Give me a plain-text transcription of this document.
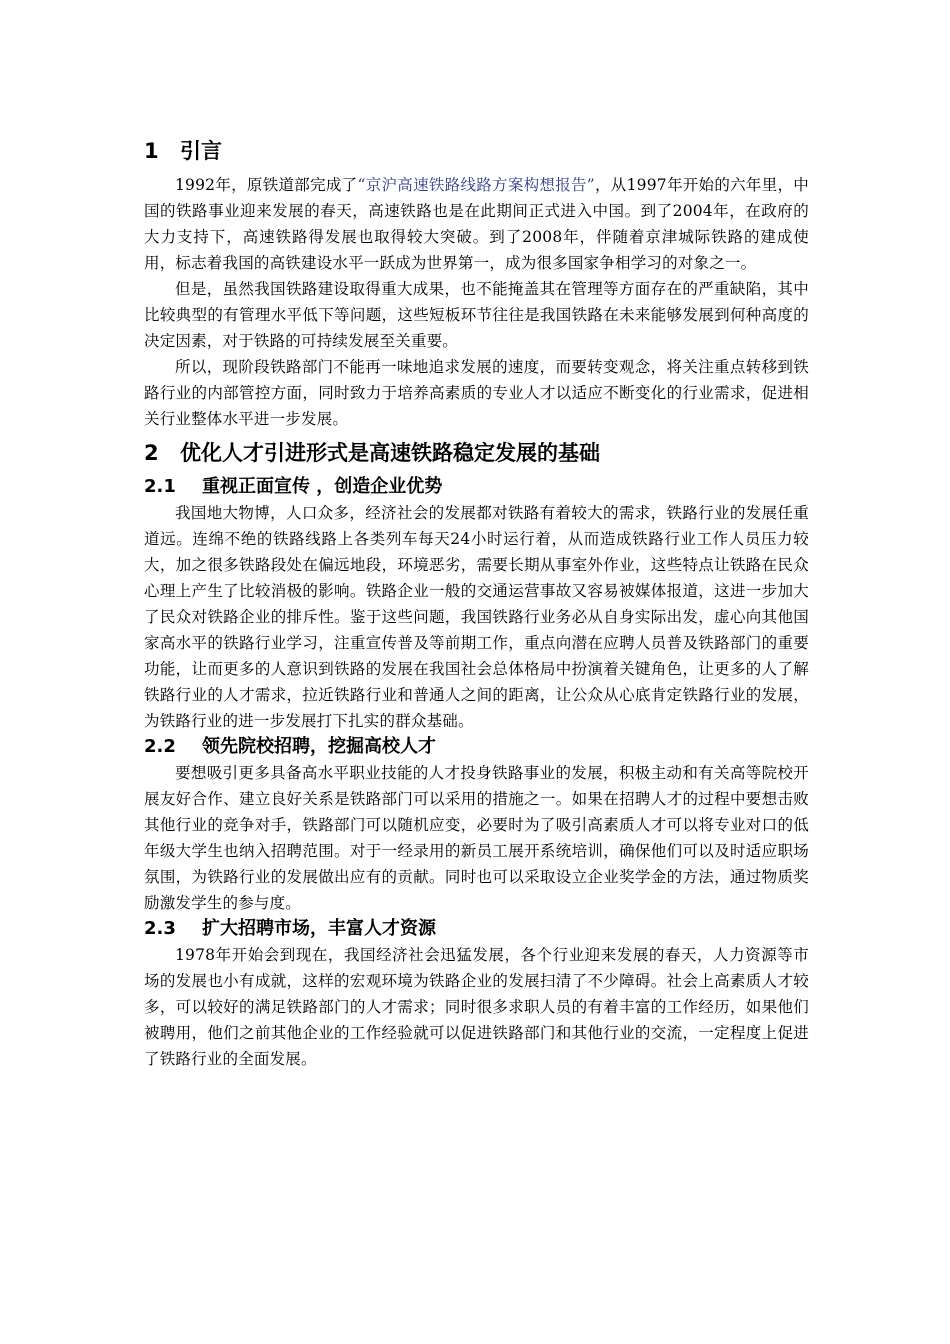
1 引言

1992年，原铁道部完成了“京沪高速铁路线路方案构想报告”，从1997年开始的六年里，中国的铁路事业迎来发展的春天，高速铁路也是在此期间正式进入中国。到了2004年，在政府的大力支持下，高速铁路得发展也取得较大突破。到了2008年，伴随着京津城际铁路的建成使用，标志着我国的高铁建设水平一跃成为世界第一，成为很多国家争相学习的对象之一。

但是，虽然我国铁路建设取得重大成果，也不能掩盖其在管理等方面存在的严重缺陷，其中比较典型的有管理水平低下等问题，这些短板环节往往是我国铁路在未来能够发展到何种高度的决定因素，对于铁路的可持续发展至关重要。

所以，现阶段铁路部门不能再一味地追求发展的速度，而要转变观念，将关注重点转移到铁路行业的内部管控方面，同时致力于培养高素质的专业人才以适应不断变化的行业需求，促进相关行业整体水平进一步发展。

2 优化人才引进形式是高速铁路稳定发展的基础
2.1 重视正面宣传 ，创造企业优势

我国地大物博，人口众多，经济社会的发展都对铁路有着较大的需求，铁路行业的发展任重道远。连绵不绝的铁路线路上各类列车每天24小时运行着，从而造成铁路行业工作人员压力较大，加之很多铁路段处在偏远地段，环境恶劣，需要长期从事室外作业，这些特点让铁路在民众心理上产生了比较消极的影响。铁路企业一般的交通运营事故又容易被媒体报道，这进一步加大了民众对铁路企业的排斥性。鉴于这些问题，我国铁路行业务必从自身实际出发，虚心向其他国家高水平的铁路行业学习，注重宣传普及等前期工作，重点向潜在应聘人员普及铁路部门的重要功能，让而更多的人意识到铁路的发展在我国社会总体格局中扮演着关键角色，让更多的人了解铁路行业的人才需求，拉近铁路行业和普通人之间的距离，让公众从心底肯定铁路行业的发展，为铁路行业的进一步发展打下扎实的群众基础。

2.2 领先院校招聘，挖掘高校人才

要想吸引更多具备高水平职业技能的人才投身铁路事业的发展，积极主动和有关高等院校开展友好合作、建立良好关系是铁路部门可以采用的措施之一。如果在招聘人才的过程中要想击败其他行业的竞争对手，铁路部门可以随机应变，必要时为了吸引高素质人才可以将专业对口的低年级大学生也纳入招聘范围。对于一经录用的新员工展开系统培训，确保他们可以及时适应职场氛围，为铁路行业的发展做出应有的贡献。同时也可以采取设立企业奖学金的方法，通过物质奖励激发学生的参与度。

2.3 扩大招聘市场，丰富人才资源

1978年开始会到现在，我国经济社会迅猛发展，各个行业迎来发展的春天，人力资源等市场的发展也小有成就，这样的宏观环境为铁路企业的发展扫清了不少障碍。社会上高素质人才较多，可以较好的满足铁路部门的人才需求；同时很多求职人员的有着丰富的工作经历，如果他们被聘用，他们之前其他企业的工作经验就可以促进铁路部门和其他行业的交流，一定程度上促进了铁路行业的全面发展。
